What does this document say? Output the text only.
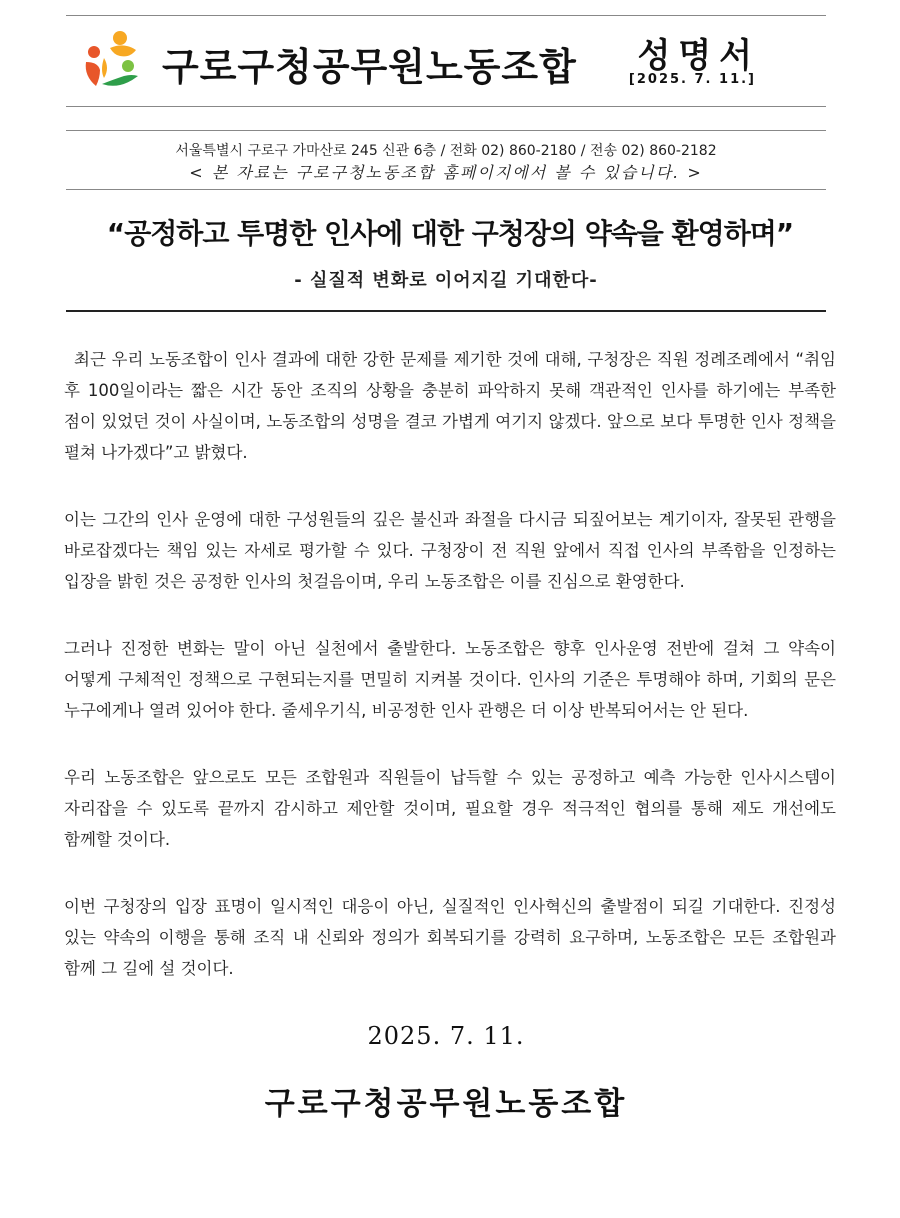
구로구청공무원노동조합 성명서
[2025. 7. 11.]
서울특별시 구로구 가마산로 245 신관 6층 / 전화 02) 860-2180 / 전송 02) 860-2182
< 본 자료는 구로구청노동조합 홈페이지에서 볼 수 있습니다. >
“공정하고 투명한 인사에 대한 구청장의 약속을 환영하며”
- 실질적 변화로 이어지길 기대한다-

최근 우리 노동조합이 인사 결과에 대한 강한 문제를 제기한 것에 대해, 구청장은 직원 정례조례에서 “취임 후 100일이라는 짧은 시간 동안 조직의 상황을 충분히 파악하지 못해 객관적인 인사를 하기에는 부족한 점이 있었던 것이 사실이며, 노동조합의 성명을 결코 가볍게 여기지 않겠다. 앞으로 보다 투명한 인사 정책을 펼쳐 나가겠다”고 밝혔다.

이는 그간의 인사 운영에 대한 구성원들의 깊은 불신과 좌절을 다시금 되짚어보는 계기이자, 잘못된 관행을 바로잡겠다는 책임 있는 자세로 평가할 수 있다. 구청장이 전 직원 앞에서 직접 인사의 부족함을 인정하는 입장을 밝힌 것은 공정한 인사의 첫걸음이며, 우리 노동조합은 이를 진심으로 환영한다.

그러나 진정한 변화는 말이 아닌 실천에서 출발한다. 노동조합은 향후 인사운영 전반에 걸쳐 그 약속이 어떻게 구체적인 정책으로 구현되는지를 면밀히 지켜볼 것이다. 인사의 기준은 투명해야 하며, 기회의 문은 누구에게나 열려 있어야 한다. 줄세우기식, 비공정한 인사 관행은 더 이상 반복되어서는 안 된다.

우리 노동조합은 앞으로도 모든 조합원과 직원들이 납득할 수 있는 공정하고 예측 가능한 인사시스템이 자리잡을 수 있도록 끝까지 감시하고 제안할 것이며, 필요할 경우 적극적인 협의를 통해 제도 개선에도 함께할 것이다.

이번 구청장의 입장 표명이 일시적인 대응이 아닌, 실질적인 인사혁신의 출발점이 되길 기대한다. 진정성 있는 약속의 이행을 통해 조직 내 신뢰와 정의가 회복되기를 강력히 요구하며, 노동조합은 모든 조합원과 함께 그 길에 설 것이다.

2025. 7. 11.
구로구청공무원노동조합
